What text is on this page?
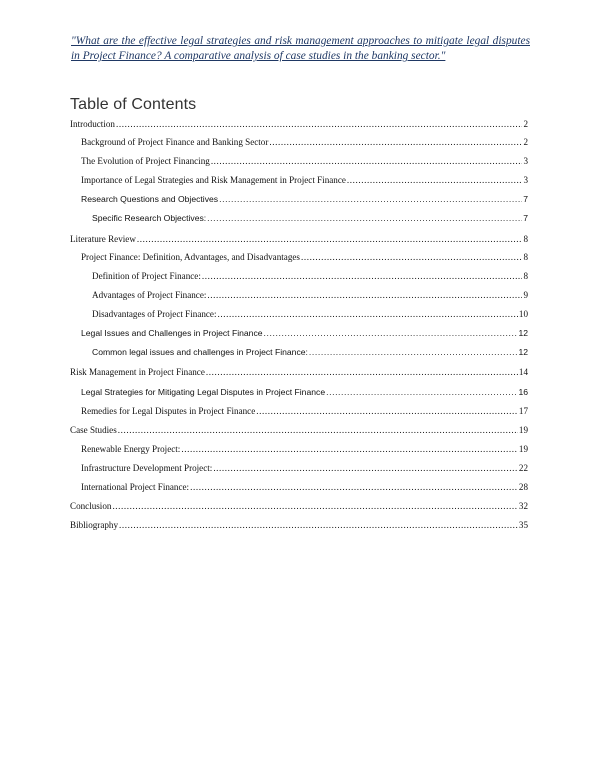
"What are the effective legal strategies and risk management approaches to mitigate legal disputes in Project Finance? A comparative analysis of case studies in the banking sector."
Table of Contents
Introduction .....	2
Background of Project Finance and Banking Sector .....	2
The Evolution of Project Financing .....	3
Importance of Legal Strategies and Risk Management in Project Finance .....	3
Research Questions and Objectives .....	7
Specific Research Objectives: .....	7
Literature Review .....	8
Project Finance: Definition, Advantages, and Disadvantages .....	8
Definition of Project Finance: .....	8
Advantages of Project Finance: .....	9
Disadvantages of Project Finance: .....	10
Legal Issues and Challenges in Project Finance .....	12
Common legal issues and challenges in Project Finance: .....	12
Risk Management in Project Finance .....	14
Legal Strategies for Mitigating Legal Disputes in Project Finance .....	16
Remedies for Legal Disputes in Project Finance .....	17
Case Studies .....	19
Renewable Energy Project: .....	19
Infrastructure Development Project: .....	22
International Project Finance: .....	28
Conclusion .....	32
Bibliography .....	35
